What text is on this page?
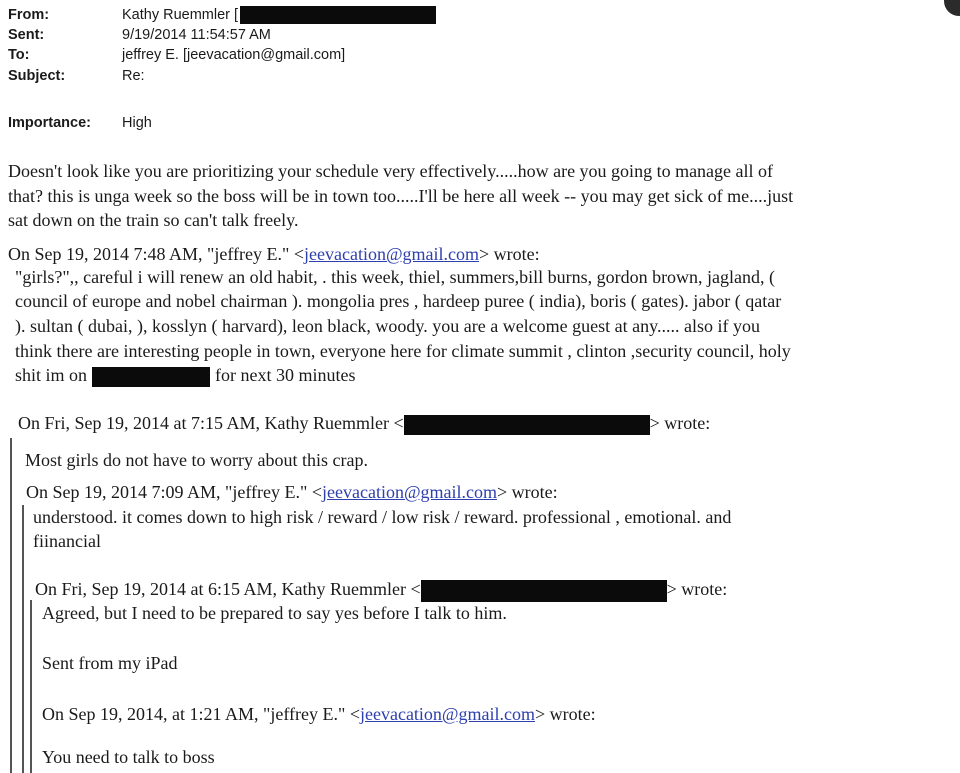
From:	Kathy Ruemmler [
Sent:	9/19/2014 11:54:57 AM
To:	jeffrey E. [jeevacation@gmail.com]
Subject:	Re:
Importance:	High
Doesn't look like you are prioritizing your schedule very effectively.....how are you going to manage all of
that? this is unga week so the boss will be in town too.....I'll be here all week -- you may get sick of me....just
sat down on the train so can't talk freely.
On Sep 19, 2014 7:48 AM, "jeffrey E." <jeevacation@gmail.com> wrote:
"girls?",, careful i will renew an old habit, . this week, thiel, summers,bill burns, gordon brown, jagland, (
council of europe and nobel chairman ). mongolia pres , hardeep puree ( india), boris ( gates). jabor ( qatar
). sultan ( dubai, ), kosslyn ( harvard), leon black, woody. you are a welcome guest at any..... also if you
think there are interesting people in town, everyone here for climate summit , clinton ,security council, holy
shit im on	for next 30 minutes
On Fri, Sep 19, 2014 at 7:15 AM, Kathy Ruemmler <	> wrote:
Most girls do not have to worry about this crap.
On Sep 19, 2014 7:09 AM, "jeffrey E." <jeevacation@gmail.com> wrote:
understood. it comes down to high risk / reward / low risk / reward. professional , emotional. and
fiinancial
On Fri, Sep 19, 2014 at 6:15 AM, Kathy Ruemmler <	> wrote:
Agreed, but I need to be prepared to say yes before I talk to him.
Sent from my iPad
On Sep 19, 2014, at 1:21 AM, "jeffrey E." <jeevacation@gmail.com> wrote:
You need to talk to boss
